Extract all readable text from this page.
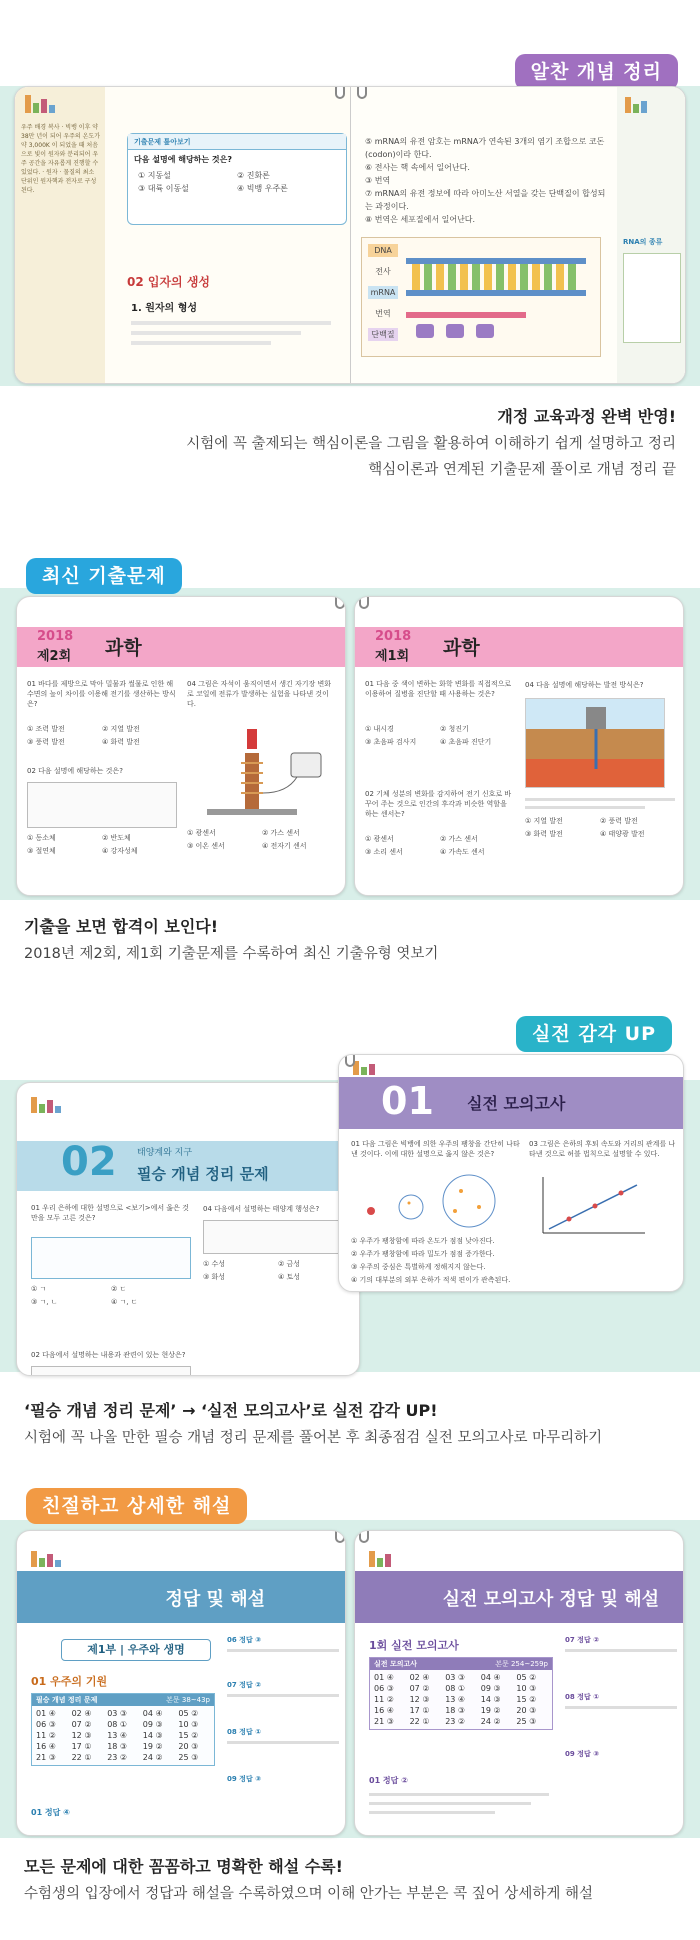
알찬 개념 정리
우주 배경 복사 · 빅뱅 이후 약 38만 년이 되어 우주의 온도가 약 3,000K 이 되었을 때 처음으로 빛이 원자와 분리되어 우주 공간을 자유롭게 진행할 수 있었다. · 원자 · 물질의 최소 단위인 원자핵과 전자로 구성된다.
기출문제 톺아보기
다음 설명에 해당하는 것은?
① 지동설	② 진화론
③ 대륙 이동설	④ 빅뱅 우주론
02 입자의 생성
1. 원자의 형성
⑤ mRNA의 유전 암호는 mRNA가 연속된 3개의 염기 조합으로 코돈
(codon)이라 한다.
⑥ 전사는 핵 속에서 일어난다.
③ 번역
⑦ mRNA의 유전 정보에 따라 아미노산 서열을 갖는 단백질이 합성되
는 과정이다.
⑧ 번역은 세포질에서 일어난다.
DNA
전사
mRNA
번역
단백질
RNA의 종류
개정 교육과정 완벽 반영!
시험에 꼭 출제되는 핵심이론을 그림을 활용하여 이해하기 쉽게 설명하고 정리
핵심이론과 연계된 기출문제 풀이로 개념 정리 끝
최신 기출문제
2018
제2회 과학
01 바다를 제방으로 막아 밀물과 썰물로 인한 해수면의 높이 차이를 이용해 전기를 생산하는 방식은?
① 조력 발전	② 지열 발전
③ 풍력 발전	④ 화력 발전
02 다음 설명에 해당하는 것은?
① 동소체	② 반도체
③ 절연체	④ 강자성체
04 그림은 자석이 움직이면서 생긴 자기장 변화로 코일에 전류가 발생하는 실험을 나타낸 것이다.
① 광센서	② 가스 센서
③ 이온 센서	④ 전자기 센서
2018
제1회 과학
01 다음 중 색이 변하는 화학 변화를 직접적으로 이용하여 질병을 진단할 때 사용하는 것은?
① 내시경	② 청진기
③ 초음파 검사지	④ 초음파 진단기
02 기체 성분의 변화를 감지하여 전기 신호로 바꾸어 주는 것으로 인간의 후각과 비슷한 역할을 하는 센서는?
① 광센서	② 가스 센서
③ 소리 센서	④ 가속도 센서
04 다음 설명에 해당하는 발전 방식은?
① 지열 발전	② 풍력 발전
③ 화력 발전	④ 태양광 발전
기출을 보면 합격이 보인다!
2018년 제2회, 제1회 기출문제를 수록하여 최신 기출유형 엿보기
실전 감각 UP
02 태양계와 지구
필승 개념 정리 문제
01 우리 은하에 대한 설명으로 <보기>에서 옳은 것만을 모두 고른 것은?
① ㄱ	② ㄷ
③ ㄱ, ㄴ	④ ㄱ, ㄷ
02 다음에서 설명하는 내용과 관련이 있는 현상은?
04 다음에서 설명하는 태양계 행성은?
① 수성	② 금성
③ 화성	④ 토성
01 실전 모의고사
01 다음 그림은 빅뱅에 의한 우주의 팽창을 간단히 나타낸 것이다. 이에 대한 설명으로 옳지 않은 것은?
① 우주가 팽창함에 따라 온도가 점점 낮아진다.
② 우주가 팽창함에 따라 밀도가 점점 증가한다.
③ 우주의 중심은 특별하게 정해지지 않는다.
④ 기의 대부분의 외부 은하가 적색 편이가 관측된다.
03 그림은 은하의 후퇴 속도와 거리의 관계를 나타낸 것으로 허블 법칙으로 설명할 수 있다.
‘필승 개념 정리 문제’ → ‘실전 모의고사’로 실전 감각 UP!
시험에 꼭 나올 만한 필승 개념 정리 문제를 풀어본 후 최종점검 실전 모의고사로 마무리하기
친절하고 상세한 해설
정답 및 해설
제1부 | 우주와 생명
01 우주의 기원
필승 개념 정리 문제	본문 38~43p
01 ④	02 ④	03 ③	04 ④	05 ②
06 ③	07 ②	08 ①	09 ③	10 ③
11 ②	12 ③	13 ④	14 ③	15 ②
16 ④	17 ①	18 ③	19 ②	20 ③
21 ③	22 ①	23 ②	24 ②	25 ③
01 정답 ④
06 정답 ③
07 정답 ②
08 정답 ①
09 정답 ③
실전 모의고사 정답 및 해설
1회 실전 모의고사
실전 모의고사	본문 254~259p
01 ④	02 ④	03 ③	04 ④	05 ②
06 ③	07 ②	08 ①	09 ③	10 ③
11 ②	12 ③	13 ④	14 ③	15 ②
16 ④	17 ①	18 ③	19 ②	20 ③
21 ③	22 ①	23 ②	24 ②	25 ③
01 정답 ②
07 정답 ②
08 정답 ①
09 정답 ③
모든 문제에 대한 꼼꼼하고 명확한 해설 수록!
수험생의 입장에서 정답과 해설을 수록하였으며 이해 안가는 부분은 콕 짚어 상세하게 해설
